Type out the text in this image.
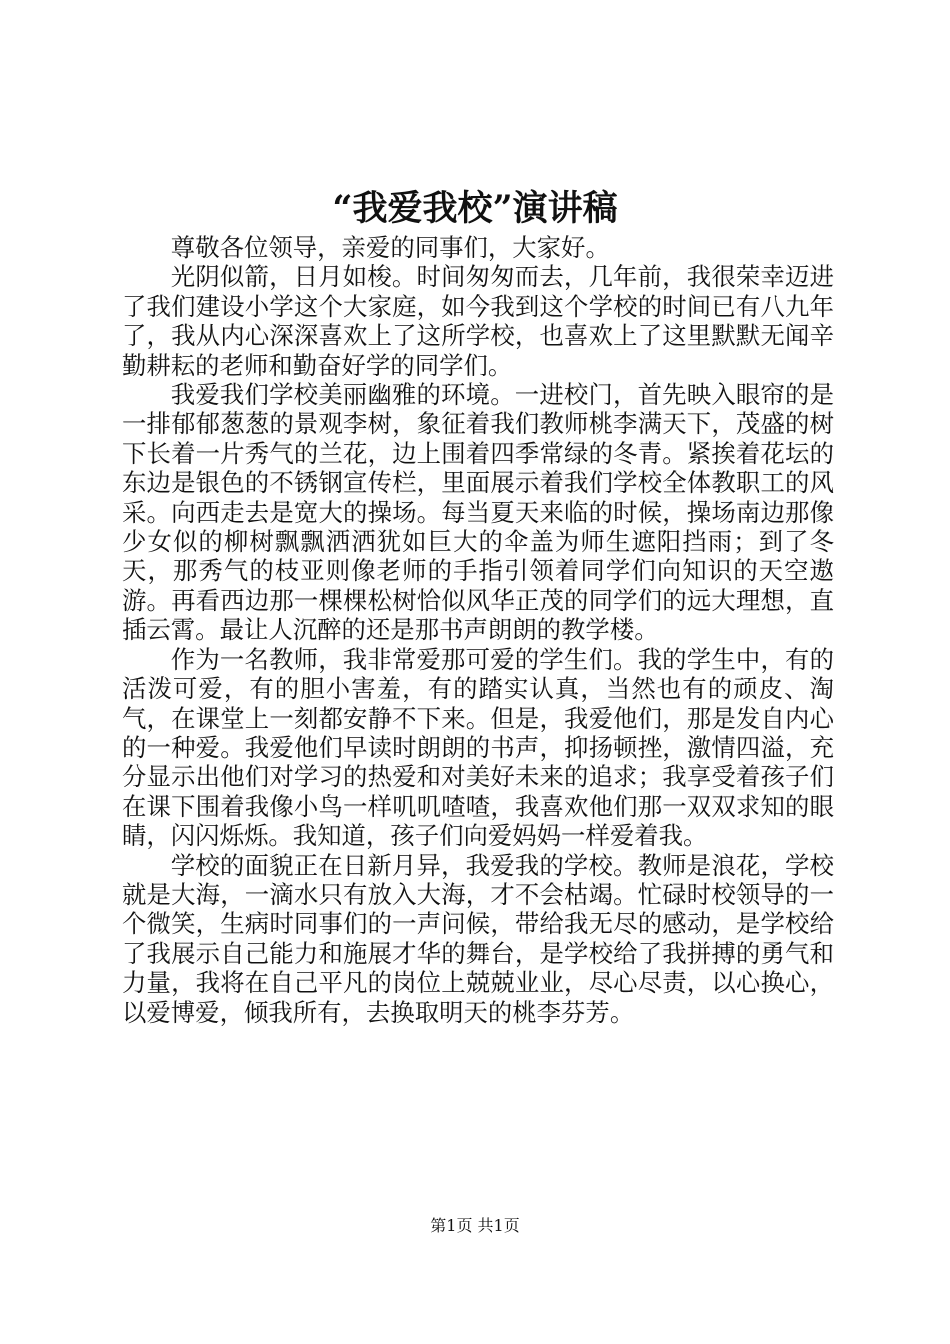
“我爱我校”演讲稿

尊敬各位领导，亲爱的同事们，大家好。

光阴似箭，日月如梭。时间匆匆而去，几年前，我很荣幸迈进了我们建设小学这个大家庭，如今我到这个学校的时间已有八九年了，我从内心深深喜欢上了这所学校，也喜欢上了这里默默无闻辛勤耕耘的老师和勤奋好学的同学们。

我爱我们学校美丽幽雅的环境。一进校门，首先映入眼帘的是一排郁郁葱葱的景观李树，象征着我们教师桃李满天下，茂盛的树下长着一片秀气的兰花，边上围着四季常绿的冬青。紧挨着花坛的东边是银色的不锈钢宣传栏，里面展示着我们学校全体教职工的风采。向西走去是宽大的操场。每当夏天来临的时候，操场南边那像少女似的柳树飘飘洒洒犹如巨大的伞盖为师生遮阳挡雨；到了冬天，那秀气的枝亚则像老师的手指引领着同学们向知识的天空遨游。再看西边那一棵棵松树恰似风华正茂的同学们的远大理想，直插云霄。最让人沉醉的还是那书声朗朗的教学楼。

作为一名教师，我非常爱那可爱的学生们。我的学生中，有的活泼可爱，有的胆小害羞，有的踏实认真，当然也有的顽皮、淘气，在课堂上一刻都安静不下来。但是，我爱他们，那是发自内心的一种爱。我爱他们早读时朗朗的书声，抑扬顿挫，激情四溢，充分显示出他们对学习的热爱和对美好未来的追求；我享受着孩子们在课下围着我像小鸟一样叽叽喳喳，我喜欢他们那一双双求知的眼睛，闪闪烁烁。我知道，孩子们向爱妈妈一样爱着我。

学校的面貌正在日新月异，我爱我的学校。教师是浪花，学校就是大海，一滴水只有放入大海，才不会枯竭。忙碌时校领导的一个微笑，生病时同事们的一声问候，带给我无尽的感动，是学校给了我展示自己能力和施展才华的舞台，是学校给了我拼搏的勇气和力量，我将在自己平凡的岗位上兢兢业业，尽心尽责，以心换心，以爱博爱，倾我所有，去换取明天的桃李芬芳。

第1页 共1页
